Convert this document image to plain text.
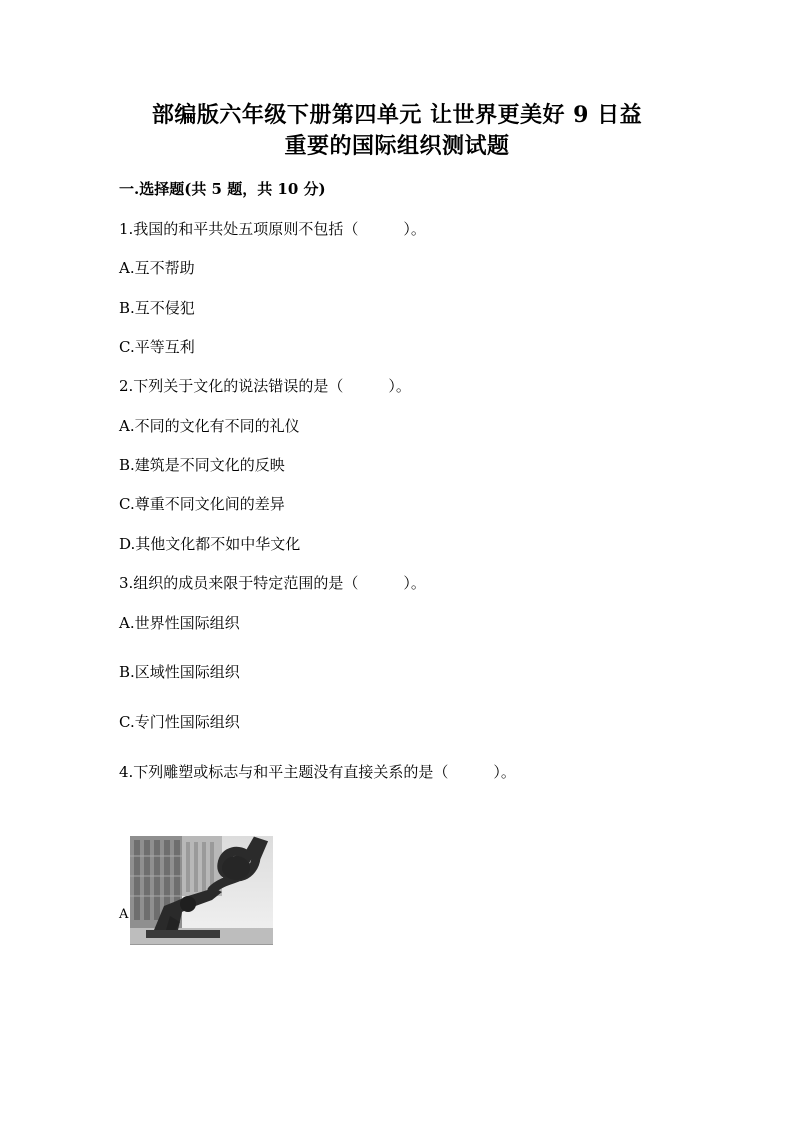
部编版六年级下册第四单元 让世界更美好 9 日益
重要的国际组织测试题
一.选择题(共 5 题，共 10 分)
1.我国的和平共处五项原则不包括（　　　）。
A.互不帮助
B.互不侵犯
C.平等互利
2.下列关于文化的说法错误的是（　　　）。
A.不同的文化有不同的礼仪
B.建筑是不同文化的反映
C.尊重不同文化间的差异
D.其他文化都不如中华文化
3.组织的成员来限于特定范围的是（　　　）。
A.世界性国际组织
B.区域性国际组织
C.专门性国际组织
4.下列雕塑或标志与和平主题没有直接关系的是（　　　）。
A
